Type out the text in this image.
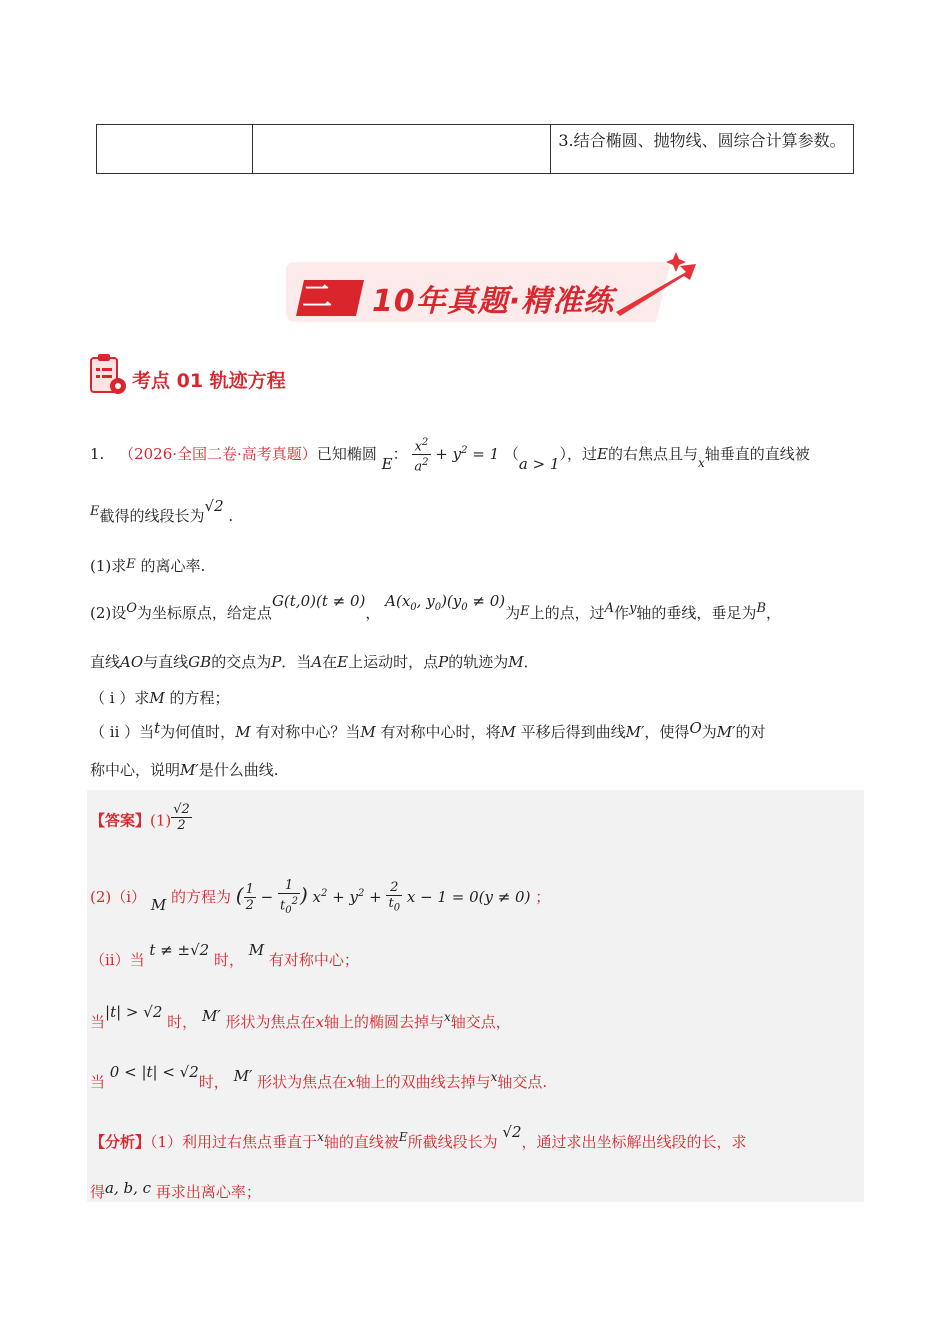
3.结合椭圆、抛物线、圆综合计算参数。
二 10年真题·精准练
考点 01 轨迹方程
1. （2026·全国二卷·高考真题）已知椭圆 E： $\frac{x^2}{a^2} + y^2 = 1$ （a > 1），过E的右焦点且与$_x$轴垂直的直线被
E截得的线段长为√2 .
(1)求E 的离心率.
(2)设O为坐标原点，给定点G(t,0)(t ≠ 0)， $A(x_0$, $y_0)(y_0 \ne 0)$为E上的点，过A作y轴的垂线，垂足为B，
直线AO与直线GB的交点为P．当A在E上运动时，点P的轨迹为M．
（ i ）求M 的方程；
（ ii ）当t为何值时，M 有对称中心？当M 有对称中心时，将M 平移后得到曲线M′，使得O为M′的对
称中心，说明M′是什么曲线.
【答案】$(1) \frac{√2}{2}$
(2)（i） M 的方程为 ( $\frac{1}{2} - \frac{1}{t_0^2}$ ) $x^2 + y^2 + \frac{2}{t_0}$ x − 1 = 0(y ≠ 0) ；
（ii）当 t ≠ ±√2 时， M 有对称中心；
当|t| > √2 时， M′ 形状为焦点在x轴上的椭圆去掉与$^x$轴交点，
当 0 < |t| < √2时， M′ 形状为焦点在x轴上的双曲线去掉与$^x$轴交点.
【分析】（1）利用过右焦点垂直于$^x$轴的直线被$^E$所截线段长为 √2，通过求出坐标解出线段的长，求
得a, b, c 再求出离心率；
